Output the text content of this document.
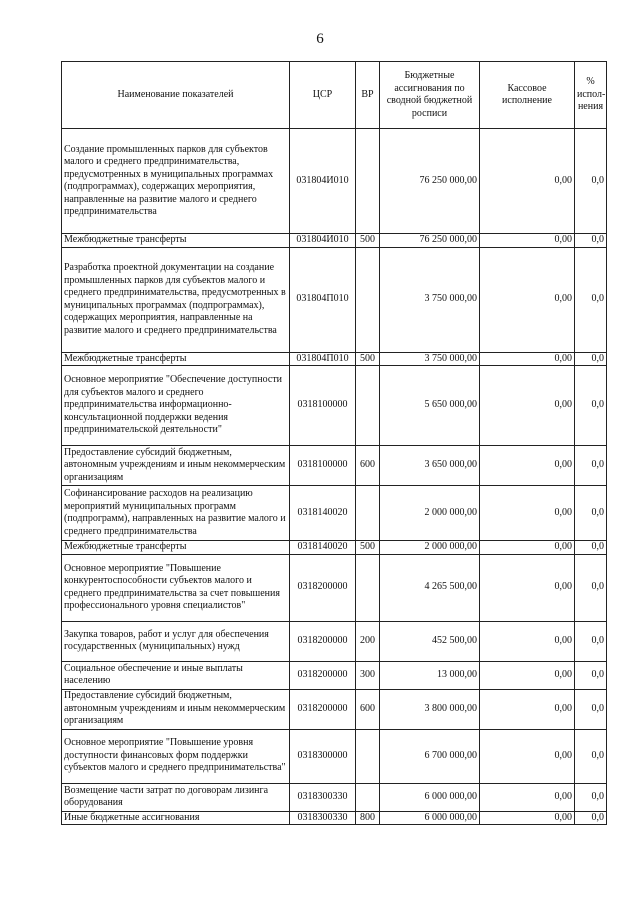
6
Наименование показателей	ЦСР	ВР	Бюджетные ассигнования по сводной бюджетной росписи	Кассовое исполнение	% испол-нения
Создание промышленных парков для субъектов малого и среднего предпринимательства, предусмотренных в муниципальных программах (подпрограммах), содержащих мероприятия, направленные на развитие малого и среднего предпринимательства	031804И010		76 250 000,00	0,00	0,0
Межбюджетные трансферты	031804И010	500	76 250 000,00	0,00	0,0
Разработка проектной документации на создание промышленных парков для субъектов малого и среднего предпринимательства, предусмотренных в муниципальных программах (подпрограммах), содержащих мероприятия, направленные на развитие малого и среднего предпринимательства	031804П010		3 750 000,00	0,00	0,0
Межбюджетные трансферты	031804П010	500	3 750 000,00	0,00	0,0
Основное мероприятие "Обеспечение доступности для субъектов малого и среднего предпринимательства информационно-консультационной поддержки ведения предпринимательской деятельности"	0318100000		5 650 000,00	0,00	0,0
Предоставление субсидий бюджетным, автономным учреждениям и иным некоммерческим организациям	0318100000	600	3 650 000,00	0,00	0,0
Софинансирование расходов на реализацию мероприятий муниципальных программ (подпрограмм), направленных на развитие малого и среднего предпринимательства	0318140020		2 000 000,00	0,00	0,0
Межбюджетные трансферты	0318140020	500	2 000 000,00	0,00	0,0
Основное мероприятие "Повышение конкурентоспособности субъектов малого и среднего предпринимательства за счет повышения профессионального уровня специалистов"	0318200000		4 265 500,00	0,00	0,0
Закупка товаров, работ и услуг для обеспечения государственных (муниципальных) нужд	0318200000	200	452 500,00	0,00	0,0
Социальное обеспечение и иные выплаты населению	0318200000	300	13 000,00	0,00	0,0
Предоставление субсидий бюджетным, автономным учреждениям и иным некоммерческим организациям	0318200000	600	3 800 000,00	0,00	0,0
Основное мероприятие "Повышение уровня доступности финансовых форм поддержки субъектов малого и среднего предпринимательства"	0318300000		6 700 000,00	0,00	0,0
Возмещение части затрат по договорам лизинга оборудования	0318300330		6 000 000,00	0,00	0,0
Иные бюджетные ассигнования	0318300330	800	6 000 000,00	0,00	0,0
